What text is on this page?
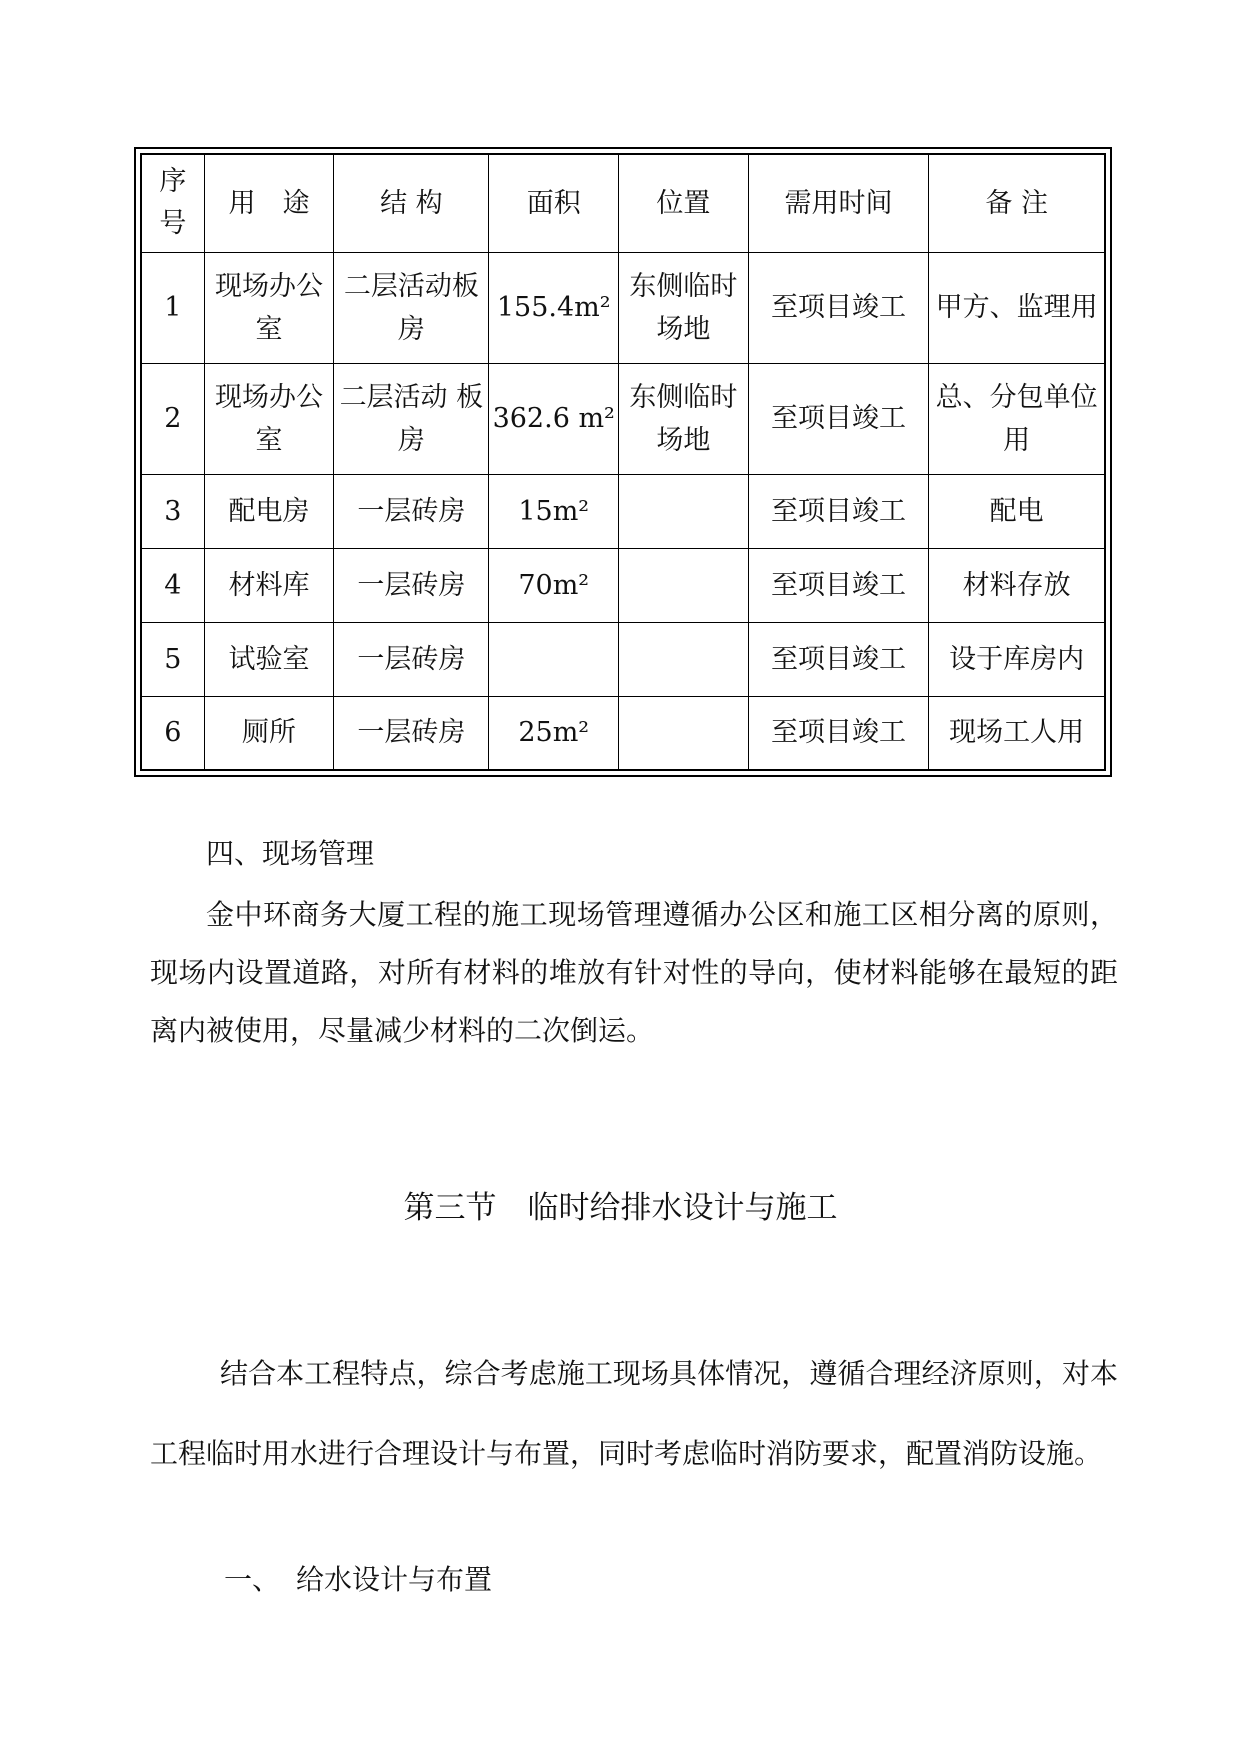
序号	用　途	结 构	面积	位置	需用时间	备 注
1	现场办公室	二层活动板房	155.4m²	东侧临时场地	至项目竣工	甲方、监理用
2	现场办公室	二层活动 板房	362.6 m²	东侧临时场地	至项目竣工	总、分包单位用
3	配电房	一层砖房	15m²		至项目竣工	配电
4	材料库	一层砖房	70m²		至项目竣工	材料存放
5	试验室	一层砖房			至项目竣工	设于库房内
6	厕所	一层砖房	25m²		至项目竣工	现场工人用

四、现场管理

金中环商务大厦工程的施工现场管理遵循办公区和施工区相分离的原则，现场内设置道路，对所有材料的堆放有针对性的导向，使材料能够在最短的距离内被使用，尽量减少材料的二次倒运。

第三节　临时给排水设计与施工

结合本工程特点，综合考虑施工现场具体情况，遵循合理经济原则，对本工程临时用水进行合理设计与布置，同时考虑临时消防要求，配置消防设施。

一、 给水设计与布置
